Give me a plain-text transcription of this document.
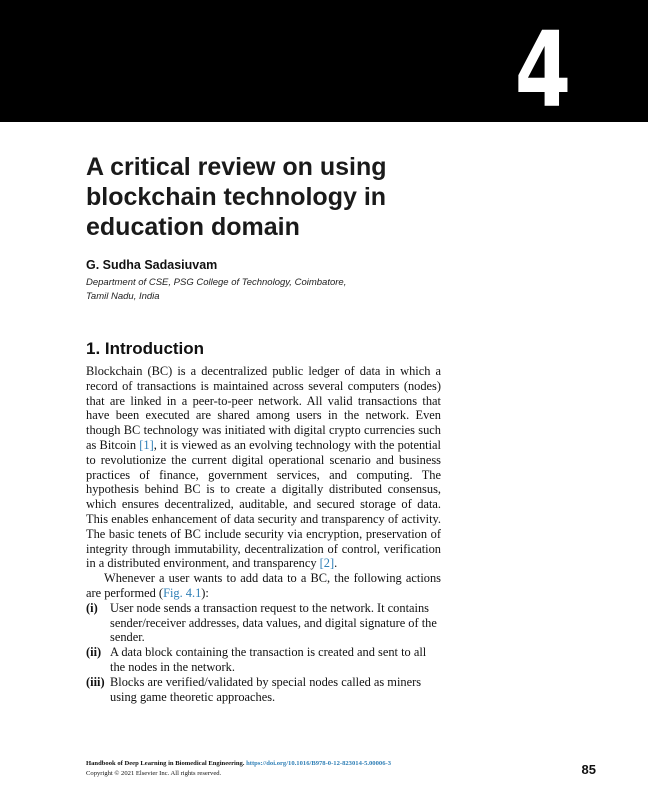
4
A critical review on using
blockchain technology in
education domain
G. Sudha Sadasiuvam
Department of CSE, PSG College of Technology, Coimbatore,
Tamil Nadu, India
1. Introduction

Blockchain (BC) is a decentralized public ledger of data in which a record of transactions is maintained across several computers (nodes) that are linked in a peer-to-peer network. All valid transactions that have been executed are shared among users in the network. Even though BC technology was initiated with digital crypto currencies such as Bitcoin [1], it is viewed as an evolving technology with the potential to revolutionize the current digital operational scenario and business practices of finance, government services, and computing. The hypothesis behind BC is to create a digitally distributed consensus, which ensures decentralized, auditable, and secured storage of data. This enables enhancement of data security and transparency of activity. The basic tenets of BC include security via encryption, preservation of integrity through immutability, decentralization of control, verification in a distributed environment, and transparency [2].

Whenever a user wants to add data to a BC, the following actions are performed (Fig. 4.1):

(i) User node sends a transaction request to the network. It contains sender/receiver addresses, data values, and digital signature of the sender.
(ii) A data block containing the transaction is created and sent to all the nodes in the network.
(iii) Blocks are verified/validated by special nodes called as miners using game theoretic approaches.
Handbook of Deep Learning in Biomedical Engineering. https://doi.org/10.1016/B978-0-12-823014-5.00006-3
Copyright © 2021 Elsevier Inc. All rights reserved.	85
